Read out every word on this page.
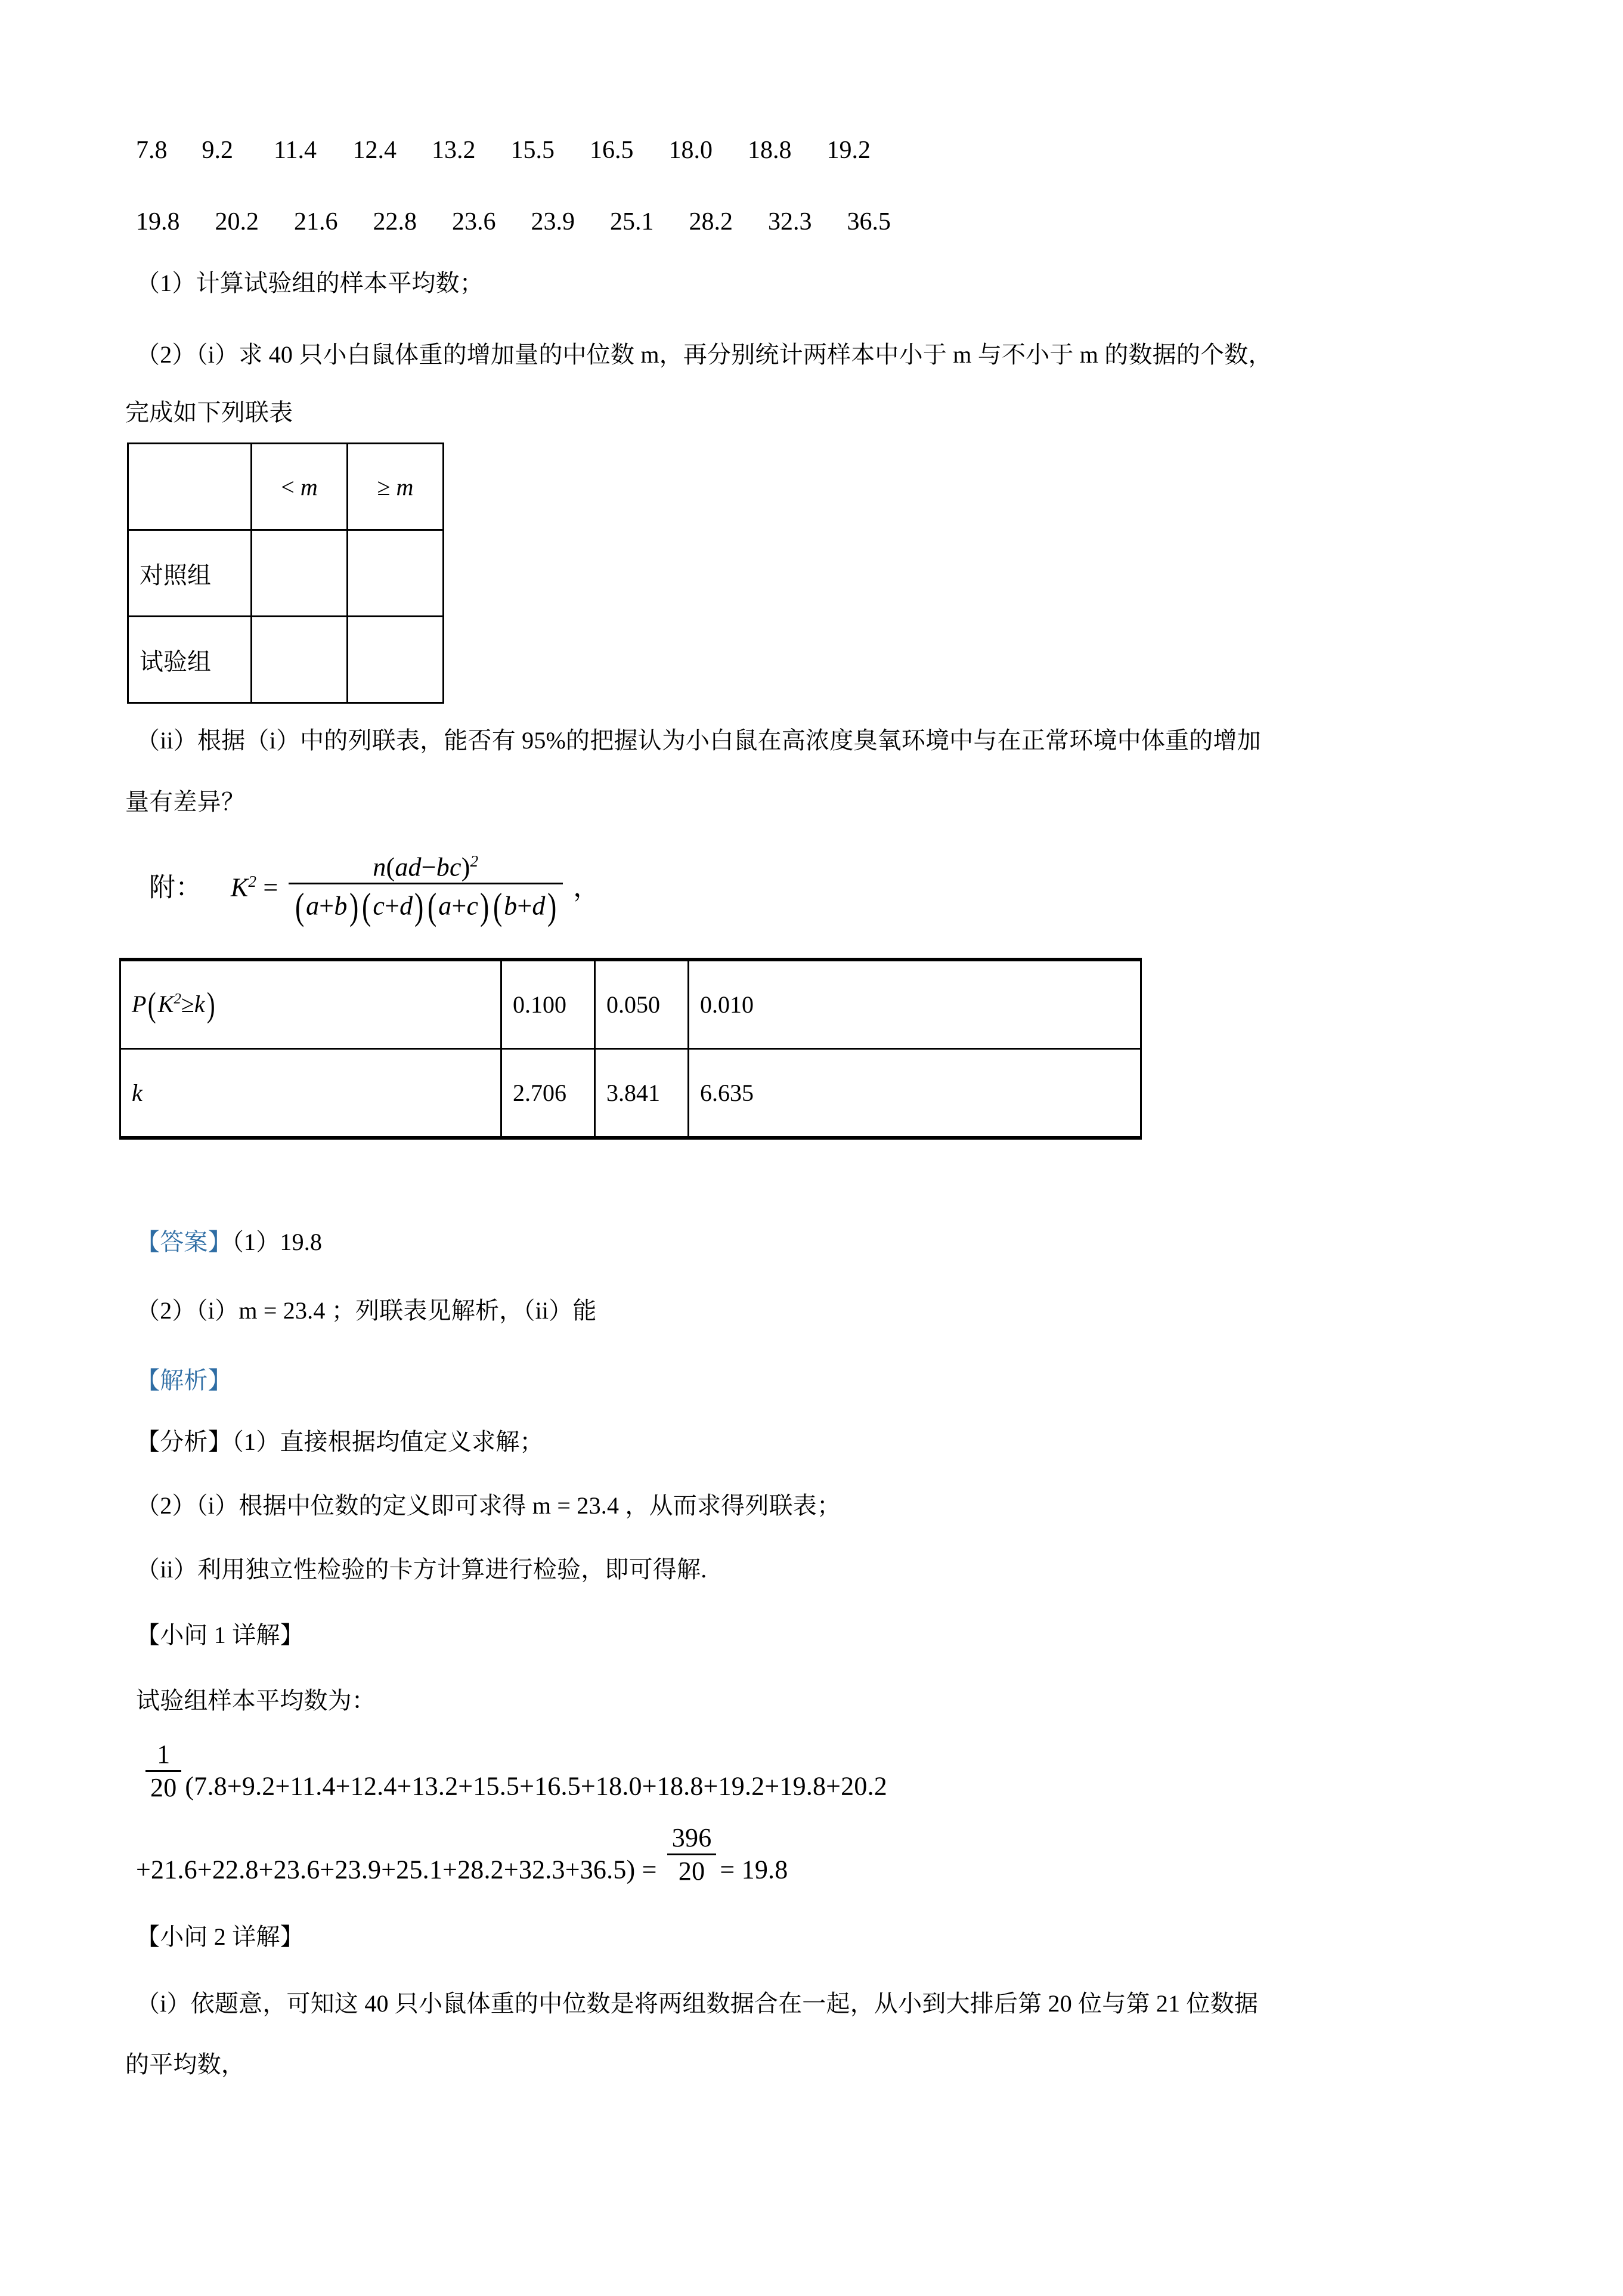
7.8 9.2 11.4 12.4 13.2 15.5 16.5 18.0 18.8 19.2
19.8 20.2 21.6 22.8 23.6 23.9 25.1 28.2 32.3 36.5
（1）计算试验组的样本平均数；
（2）（i）求 40 只小白鼠体重的增加量的中位数 m，再分别统计两样本中小于 m 与不小于 m 的数据的个数，
完成如下列联表
	< m	≥ m
对照组		
试验组		
（ii）根据（i）中的列联表，能否有 95%的把握认为小白鼠在高浓度臭氧环境中与在正常环境中体重的增加
量有差异？
附： $K^2 = \frac{n(ad-bc)^2}{(a+b)(c+d)(a+c)(b+d)}$ ，
$P(K^2\ge k)$	0.100	0.050	0.010
k	2.706	3.841	6.635
【答案】（1）19.8
（2）（i）m = 23.4 ；列联表见解析，（ii）能
【解析】
【分析】（1）直接根据均值定义求解；
（2）（i）根据中位数的定义即可求得 m = 23.4 ，从而求得列联表；
（ii）利用独立性检验的卡方计算进行检验，即可得解.
【小问 1 详解】
试验组样本平均数为：
$\frac{1}{20} (7.8+9.2+11.4+12.4+13.2+15.5+16.5+18.0+18.8+19.2+19.8+20.2$
$+21.6+22.8+23.6+23.9+25.1+28.2+32.3+36.5) = \frac{396}{20} = 19.8$
【小问 2 详解】
（i）依题意，可知这 40 只小鼠体重的中位数是将两组数据合在一起，从小到大排后第 20 位与第 21 位数据
的平均数，
